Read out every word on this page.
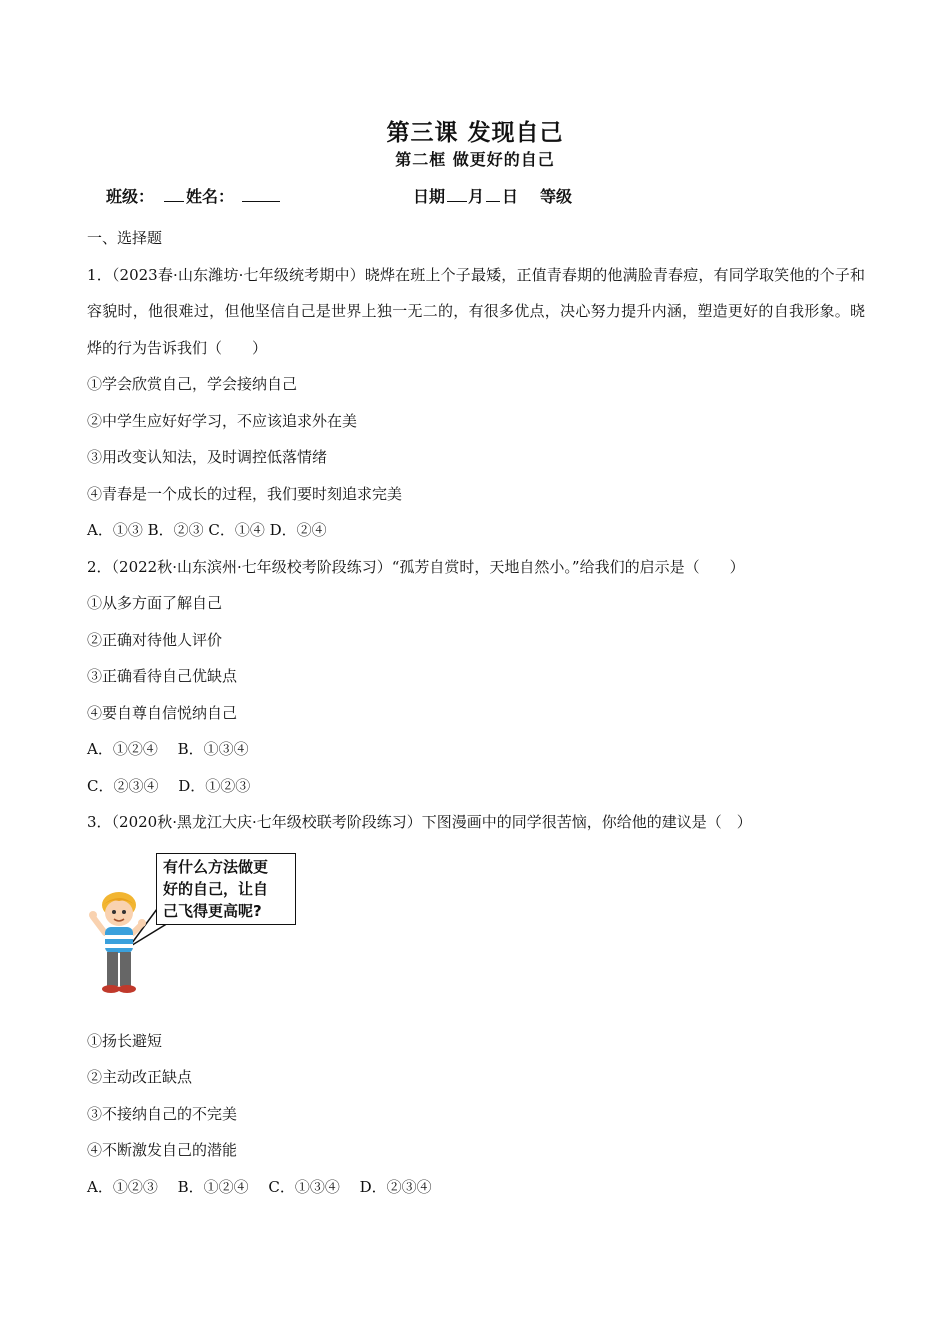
第三课 发现自己
第二框 做更好的自己
班级： 姓名：	日期 月 日 等级

一、选择题

1．（2023春·山东潍坊·七年级统考期中）晓烨在班上个子最矮，正值青春期的他满脸青春痘，有同学取笑他的个子和容貌时，他很难过，但他坚信自己是世界上独一无二的，有很多优点，决心努力提升内涵，塑造更好的自我形象。晓烨的行为告诉我们（　　）

①学会欣赏自己，学会接纳自己

②中学生应好好学习，不应该追求外在美

③用改变认知法，及时调控低落情绪

④青春是一个成长的过程，我们要时刻追求完美

A．①③ B．②③ C．①④ D．②④

2．（2022秋·山东滨州·七年级校考阶段练习）“孤芳自赏时，天地自然小。”给我们的启示是（　　）

①从多方面了解自己

②正确对待他人评价

③正确看待自己优缺点

④要自尊自信悦纳自己

A．①②④　 B．①③④

C．②③④　 D．①②③

3．（2020秋·黑龙江大庆·七年级校联考阶段练习）下图漫画中的同学很苦恼，你给他的建议是（　）

有什么方法做更
好的自己，让自
己飞得更高呢?

①扬长避短

②主动改正缺点

③不接纳自己的不完美

④不断激发自己的潜能

A．①②③　 B．①②④　 C．①③④　 D．②③④
